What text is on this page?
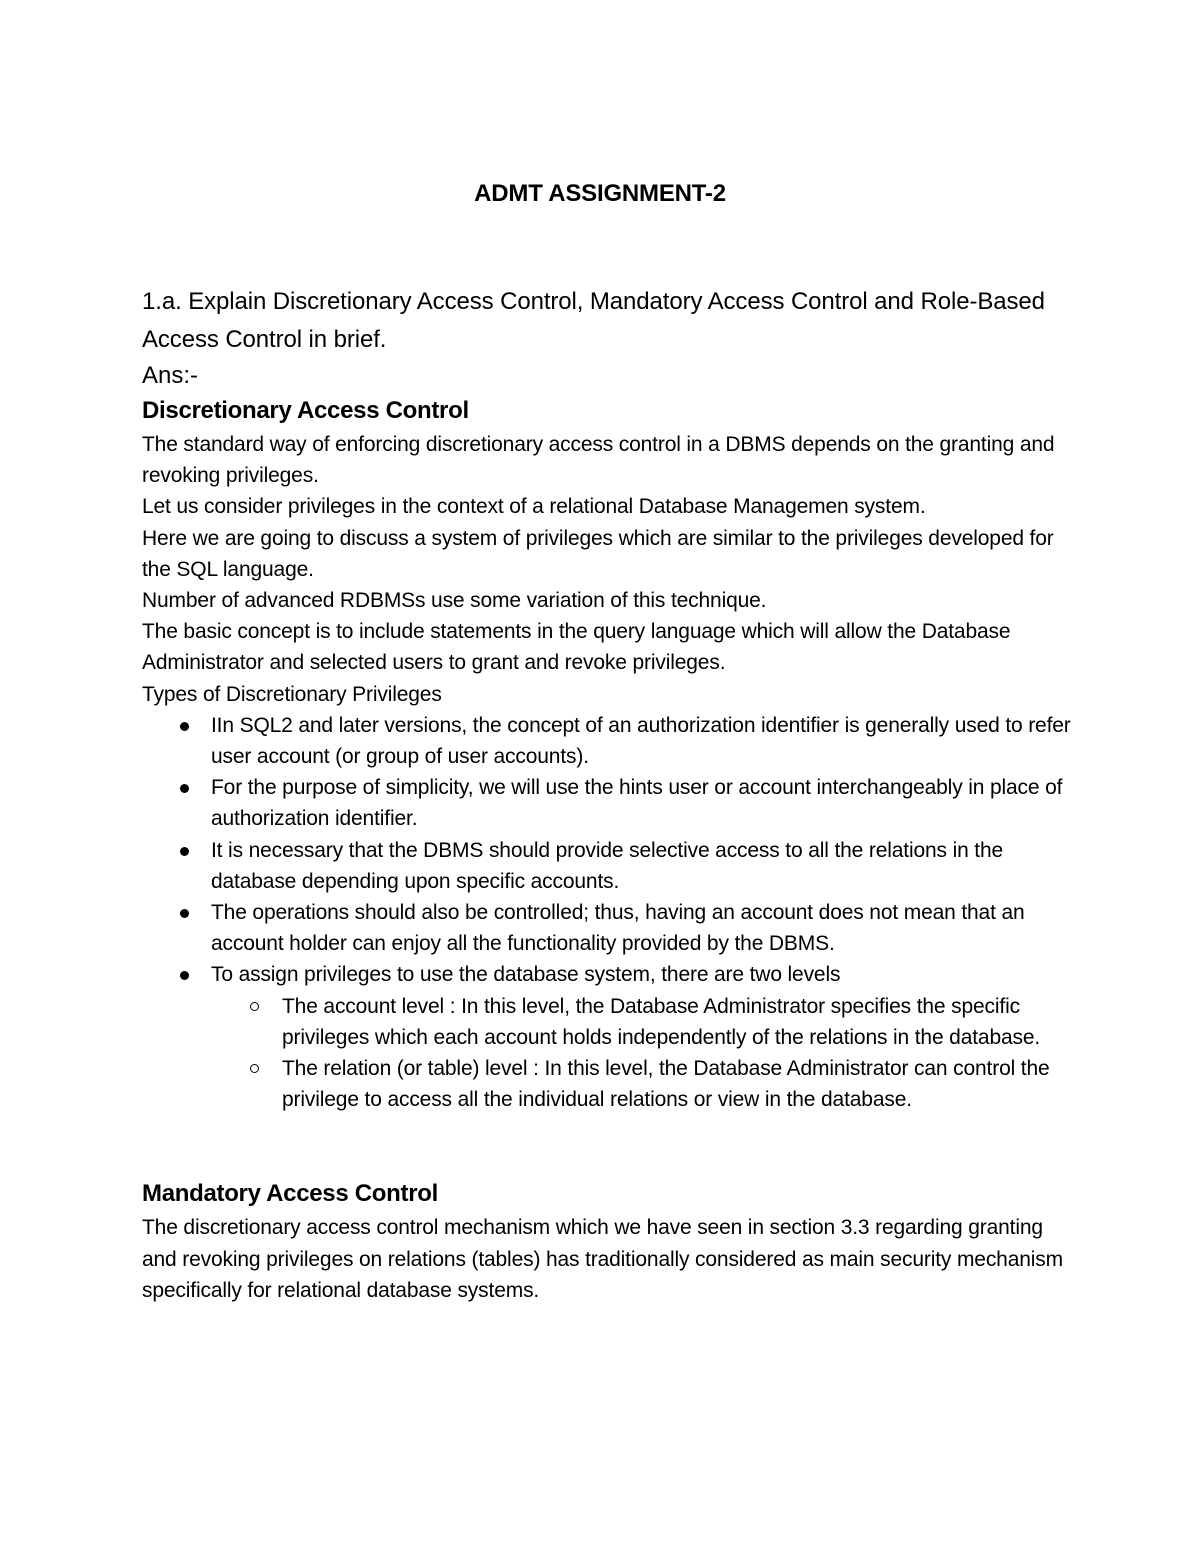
ADMT ASSIGNMENT-2

1.a. Explain Discretionary Access Control, Mandatory Access Control and Role-Based Access Control in brief.

Ans:-

Discretionary Access Control

The standard way of enforcing discretionary access control in a DBMS depends on the granting and revoking privileges.

Let us consider privileges in the context of a relational Database Managemen system.

Here we are going to discuss a system of privileges which are similar to the privileges developed for the SQL language.

Number of advanced RDBMSs use some variation of this technique.

The basic concept is to include statements in the query language which will allow the Database Administrator and selected users to grant and revoke privileges.

Types of Discretionary Privileges

IIn SQL2 and later versions, the concept of an authorization identifier is generally used to refer user account (or group of user accounts).
For the purpose of simplicity, we will use the hints user or account interchangeably in place of authorization identifier.
It is necessary that the DBMS should provide selective access to all the relations in the database depending upon specific accounts.
The operations should also be controlled; thus, having an account does not mean that an account holder can enjoy all the functionality provided by the DBMS.
To assign privileges to use the database system, there are two levels
The account level : In this level, the Database Administrator specifies the specific privileges which each account holds independently of the relations in the database.
The relation (or table) level : In this level, the Database Administrator can control the privilege to access all the individual relations or view in the database.

Mandatory Access Control

The discretionary access control mechanism which we have seen in section 3.3 regarding granting and revoking privileges on relations (tables) has traditionally considered as main security mechanism specifically for relational database systems.
